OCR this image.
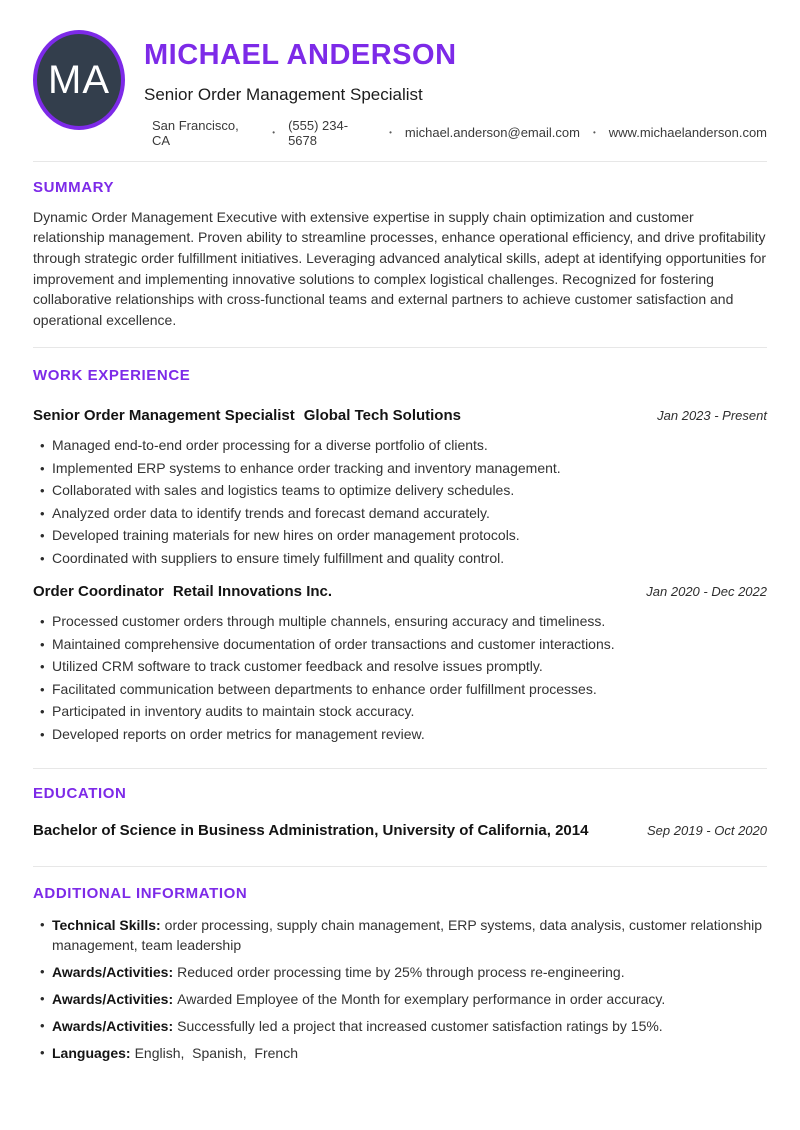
MA
MICHAEL ANDERSON
Senior Order Management Specialist
San Francisco, CA	• (555) 234-5678	• michael.anderson@email.com • www.michaelanderson.com
SUMMARY

Dynamic Order Management Executive with extensive expertise in supply chain optimization and customer relationship management. Proven ability to streamline processes, enhance operational efficiency, and drive profitability through strategic order fulfillment initiatives. Leveraging advanced analytical skills, adept at identifying opportunities for improvement and implementing innovative solutions to complex logistical challenges. Recognized for fostering collaborative relationships with cross-functional teams and external partners to achieve customer satisfaction and operational excellence.

WORK EXPERIENCE
Senior Order Management Specialist Global Tech Solutions	Jan 2023 - Present
• Managed end-to-end order processing for a diverse portfolio of clients.
• Implemented ERP systems to enhance order tracking and inventory management.
• Collaborated with sales and logistics teams to optimize delivery schedules.
• Analyzed order data to identify trends and forecast demand accurately.
• Developed training materials for new hires on order management protocols.
• Coordinated with suppliers to ensure timely fulfillment and quality control.
Order Coordinator Retail Innovations Inc.	Jan 2020 - Dec 2022
• Processed customer orders through multiple channels, ensuring accuracy and timeliness.
• Maintained comprehensive documentation of order transactions and customer interactions.
• Utilized CRM software to track customer feedback and resolve issues promptly.
• Facilitated communication between departments to enhance order fulfillment processes.
• Participated in inventory audits to maintain stock accuracy.
• Developed reports on order metrics for management review.
EDUCATION
Bachelor of Science in Business Administration, University of California, 2014	Sep 2019 - Oct 2020
ADDITIONAL INFORMATION
• Technical Skills: order processing, supply chain management, ERP systems, data analysis, customer relationship management, team leadership
• Awards/Activities: Reduced order processing time by 25% through process re-engineering.
• Awards/Activities: Awarded Employee of the Month for exemplary performance in order accuracy.
• Awards/Activities: Successfully led a project that increased customer satisfaction ratings by 15%.
• Languages: English,  Spanish,  French
